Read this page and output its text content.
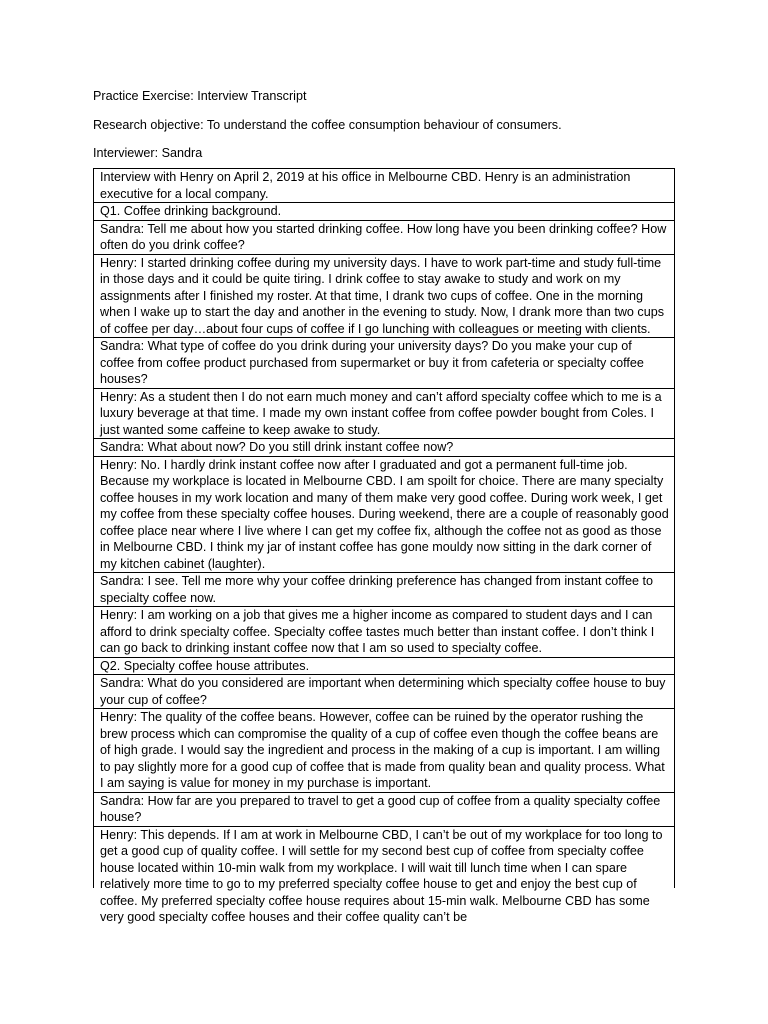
Practice Exercise: Interview Transcript

Research objective: To understand the coffee consumption behaviour of consumers.

Interviewer: Sandra

Interview with Henry on April 2, 2019 at his office in Melbourne CBD. Henry is an administration executive for a local company.
Q1. Coffee drinking background.
Sandra: Tell me about how you started drinking coffee. How long have you been drinking coffee? How often do you drink coffee?
Henry: I started drinking coffee during my university days. I have to work part-time and study full-time in those days and it could be quite tiring. I drink coffee to stay awake to study and work on my assignments after I finished my roster. At that time, I drank two cups of coffee. One in the morning when I wake up to start the day and another in the evening to study. Now, I drank more than two cups of coffee per day…about four cups of coffee if I go lunching with colleagues or meeting with clients.
Sandra: What type of coffee do you drink during your university days? Do you make your cup of coffee from coffee product purchased from supermarket or buy it from cafeteria or specialty coffee houses?
Henry: As a student then I do not earn much money and can’t afford specialty coffee which to me is a luxury beverage at that time. I made my own instant coffee from coffee powder bought from Coles. I just wanted some caffeine to keep awake to study.
Sandra: What about now? Do you still drink instant coffee now?
Henry: No. I hardly drink instant coffee now after I graduated and got a permanent full-time job. Because my workplace is located in Melbourne CBD. I am spoilt for choice. There are many specialty coffee houses in my work location and many of them make very good coffee. During work week, I get my coffee from these specialty coffee houses. During weekend, there are a couple of reasonably good coffee place near where I live where I can get my coffee fix, although the coffee not as good as those in Melbourne CBD. I think my jar of instant coffee has gone mouldy now sitting in the dark corner of my kitchen cabinet (laughter).
Sandra: I see. Tell me more why your coffee drinking preference has changed from instant coffee to specialty coffee now.
Henry: I am working on a job that gives me a higher income as compared to student days and I can afford to drink specialty coffee. Specialty coffee tastes much better than instant coffee. I don’t think I can go back to drinking instant coffee now that I am so used to specialty coffee.
Q2. Specialty coffee house attributes.
Sandra: What do you considered are important when determining which specialty coffee house to buy your cup of coffee?
Henry: The quality of the coffee beans. However, coffee can be ruined by the operator rushing the brew process which can compromise the quality of a cup of coffee even though the coffee beans are of high grade. I would say the ingredient and process in the making of a cup is important. I am willing to pay slightly more for a good cup of coffee that is made from quality bean and quality process. What I am saying is value for money in my purchase is important.
Sandra: How far are you prepared to travel to get a good cup of coffee from a quality specialty coffee house?

Henry: This depends. If I am at work in Melbourne CBD, I can’t be out of my workplace for too long to get a good cup of quality coffee. I will settle for my second best cup of coffee from specialty coffee house located within 10-min walk from my workplace. I will wait till lunch time when I can spare relatively more time to go to my preferred specialty coffee house to get and enjoy the best cup of coffee. My preferred specialty coffee house requires about 15-min walk. Melbourne CBD has some very good specialty coffee houses and their coffee quality can’t be
